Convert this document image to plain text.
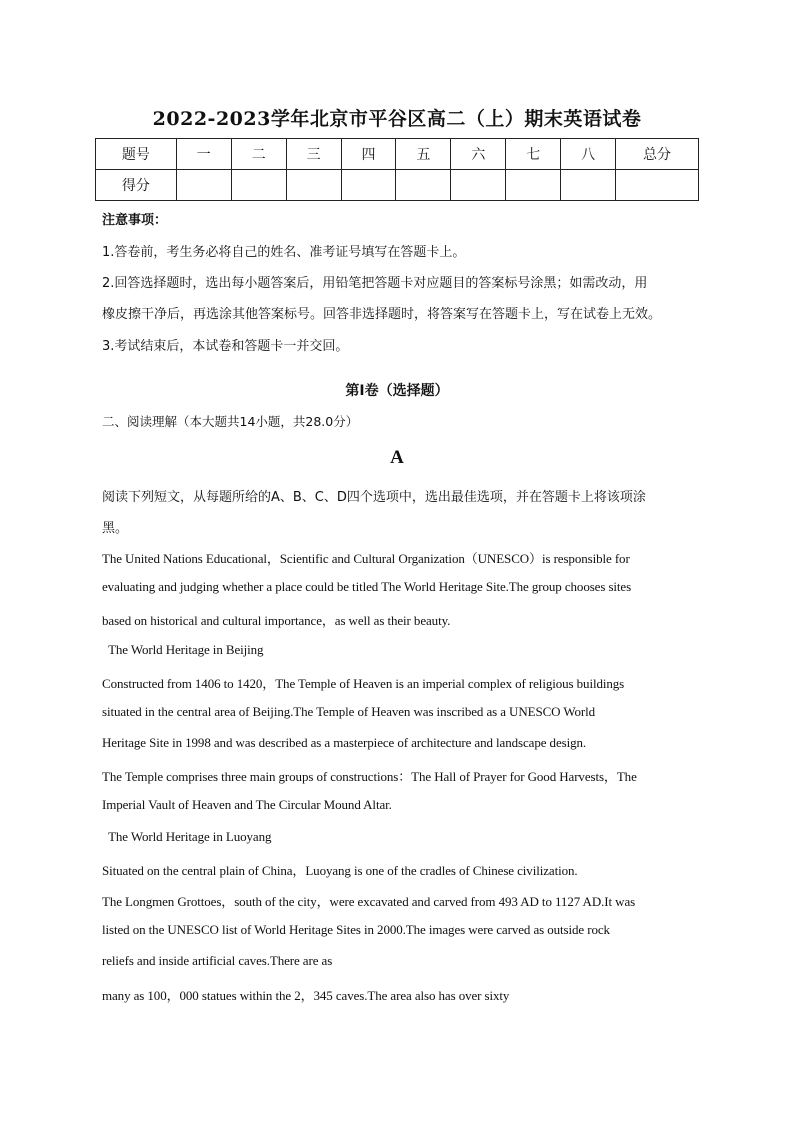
2022-2023学年北京市平谷区高二（上）期末英语试卷
题号	一	二	三	四	五	六	七	八	总分
得分									
注意事项：
1.答卷前，考生务必将自己的姓名、准考证号填写在答题卡上。
2.回答选择题时，选出每小题答案后，用铅笔把答题卡对应题目的答案标号涂黑；如需改动，用
橡皮擦干净后，再选涂其他答案标号。回答非选择题时，将答案写在答题卡上，写在试卷上无效。
3.考试结束后，本试卷和答题卡一并交回。
第I卷（选择题）
二、阅读理解（本大题共14小题，共28.0分）
A
阅读下列短文，从每题所给的A、B、C、D四个选项中，选出最佳选项，并在答题卡上将该项涂
黑。
The United Nations Educational，Scientific and Cultural Organization（UNESCO）is responsible for
evaluating and judging whether a place could be titled The World Heritage Site.The group chooses sites
based on historical and cultural importance，as well as their beauty.
The World Heritage in Beijing
Constructed from 1406 to 1420，The Temple of Heaven is an imperial complex of religious buildings
situated in the central area of Beijing.The Temple of Heaven was inscribed as a UNESCO World
Heritage Site in 1998 and was described as a masterpiece of architecture and landscape design.
The Temple comprises three main groups of constructions：The Hall of Prayer for Good Harvests，The
Imperial Vault of Heaven and The Circular Mound Altar.
The World Heritage in Luoyang
Situated on the central plain of China，Luoyang is one of the cradles of Chinese civilization.
The Longmen Grottoes，south of the city，were excavated and carved from 493 AD to 1127 AD.It was
listed on the UNESCO list of World Heritage Sites in 2000.The images were carved as outside rock
reliefs and inside artificial caves.There are as
many as 100，000 statues within the 2，345 caves.The area also has over sixty
